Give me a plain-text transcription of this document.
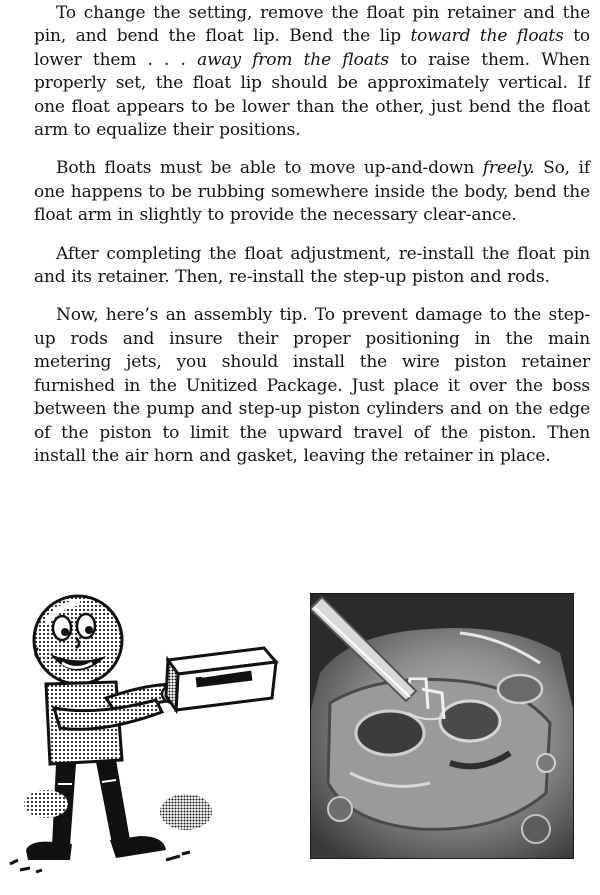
To change the setting, remove the float pin retainer and the pin, and bend the float lip. Bend the lip toward the floats to lower them . . . away from the floats to raise them. When properly set, the float lip should be approximately vertical. If one float appears to be lower than the other, just bend the float arm to equalize their positions.

Both floats must be able to move up-and-down freely. So, if one happens to be rubbing somewhere inside the body, bend the float arm in slightly to provide the necessary clear-ance.

After completing the float adjustment, re-install the float pin and its retainer. Then, re-install the step-up piston and rods.

Now, here’s an assembly tip. To prevent damage to the step-up rods and insure their proper positioning in the main metering jets, you should install the wire piston retainer furnished in the Unitized Package. Just place it over the boss between the pump and step-up piston cylinders and on the edge of the piston to limit the upward travel of the piston. Then install the air horn and gasket, leaving the retainer in place.
